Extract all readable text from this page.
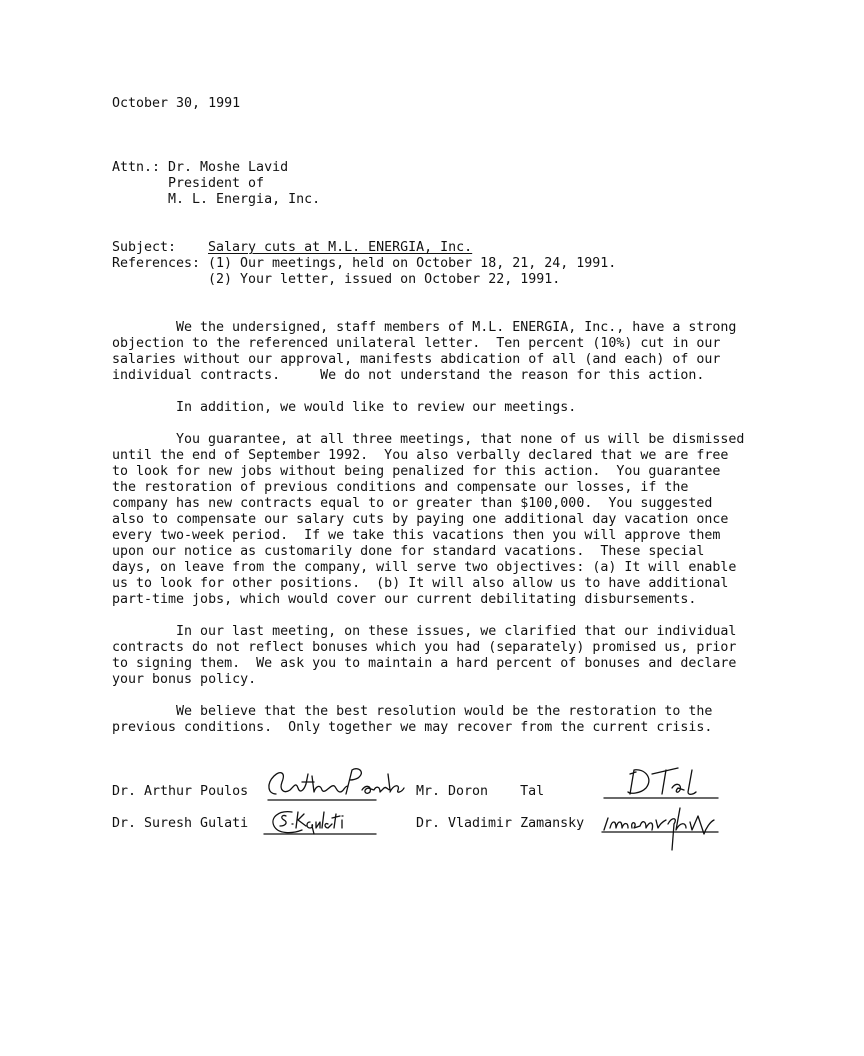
October 30, 1991
Attn.: Dr. Moshe Lavid
President of
M. L. Energia, Inc.
Subject: Salary cuts at M.L. ENERGIA, Inc.
References: (1) Our meetings, held on October 18, 21, 24, 1991.
(2) Your letter, issued on October 22, 1991.
We the undersigned, staff members of M.L. ENERGIA, Inc., have a strong
objection to the referenced unilateral letter.  Ten percent (10%) cut in our
salaries without our approval, manifests abdication of all (and each) of our
individual contracts.     We do not understand the reason for this action.
In addition, we would like to review our meetings.
You guarantee, at all three meetings, that none of us will be dismissed
until the end of September 1992.  You also verbally declared that we are free
to look for new jobs without being penalized for this action.  You guarantee
the restoration of previous conditions and compensate our losses, if the
company has new contracts equal to or greater than $100,000.  You suggested
also to compensate our salary cuts by paying one additional day vacation once
every two-week period.  If we take this vacations then you will approve them
upon our notice as customarily done for standard vacations.  These special
days, on leave from the company, will serve two objectives: (a) It will enable
us to look for other positions.  (b) It will also allow us to have additional
part-time jobs, which would cover our current debilitating disbursements.
In our last meeting, on these issues, we clarified that our individual
contracts do not reflect bonuses which you had (separately) promised us, prior
to signing them.  We ask you to maintain a hard percent of bonuses and declare
your bonus policy.
We believe that the best resolution would be the restoration to the
previous conditions.  Only together we may recover from the current crisis.
Dr. Arthur Poulos	Mr. Doron    Tal
Dr. Suresh Gulati	Dr. Vladimir Zamansky
